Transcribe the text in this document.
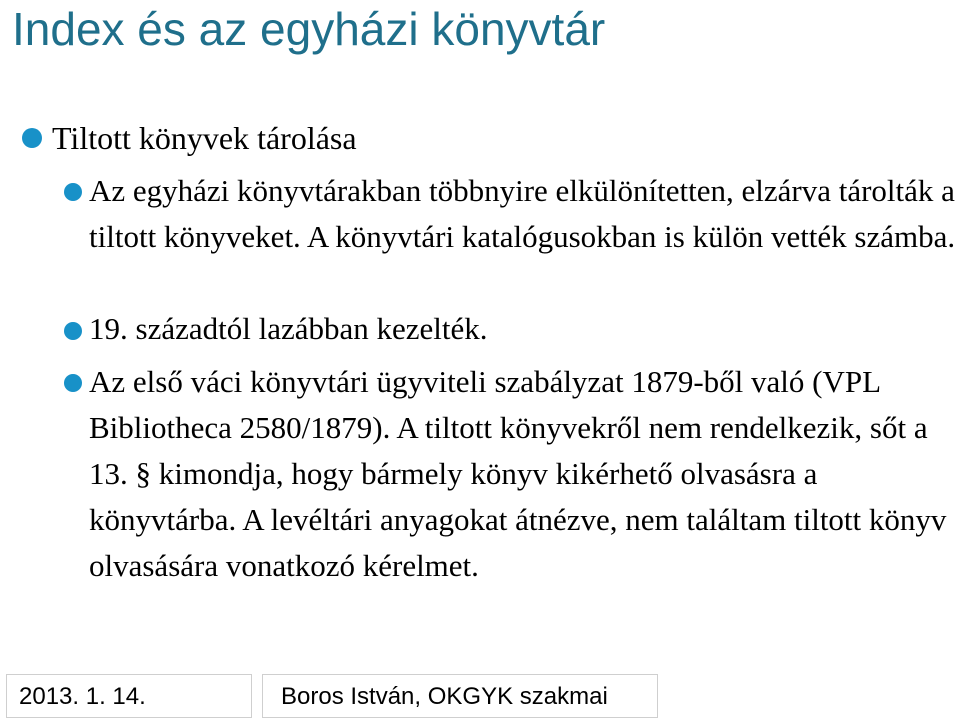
Index és az egyházi könyvtár
Tiltott könyvek tárolása
Az egyházi könyvtárakban többnyire elkülönítetten, elzárva tárolták a tiltott könyveket. A könyvtári katalógusokban is külön vették számba.
19. századtól lazábban kezelték.
Az első váci könyvtári ügyviteli szabályzat 1879-ből való (VPL Bibliotheca 2580/1879). A tiltott könyvekről nem rendelkezik, sőt a 13. § kimondja, hogy bármely könyv kikérhető olvasásra a könyvtárba. A levéltári anyagokat átnézve, nem találtam tiltott könyv olvasására vonatkozó kérelmet.
2013. 1. 14.	Boros István, OKGYK szakmai
